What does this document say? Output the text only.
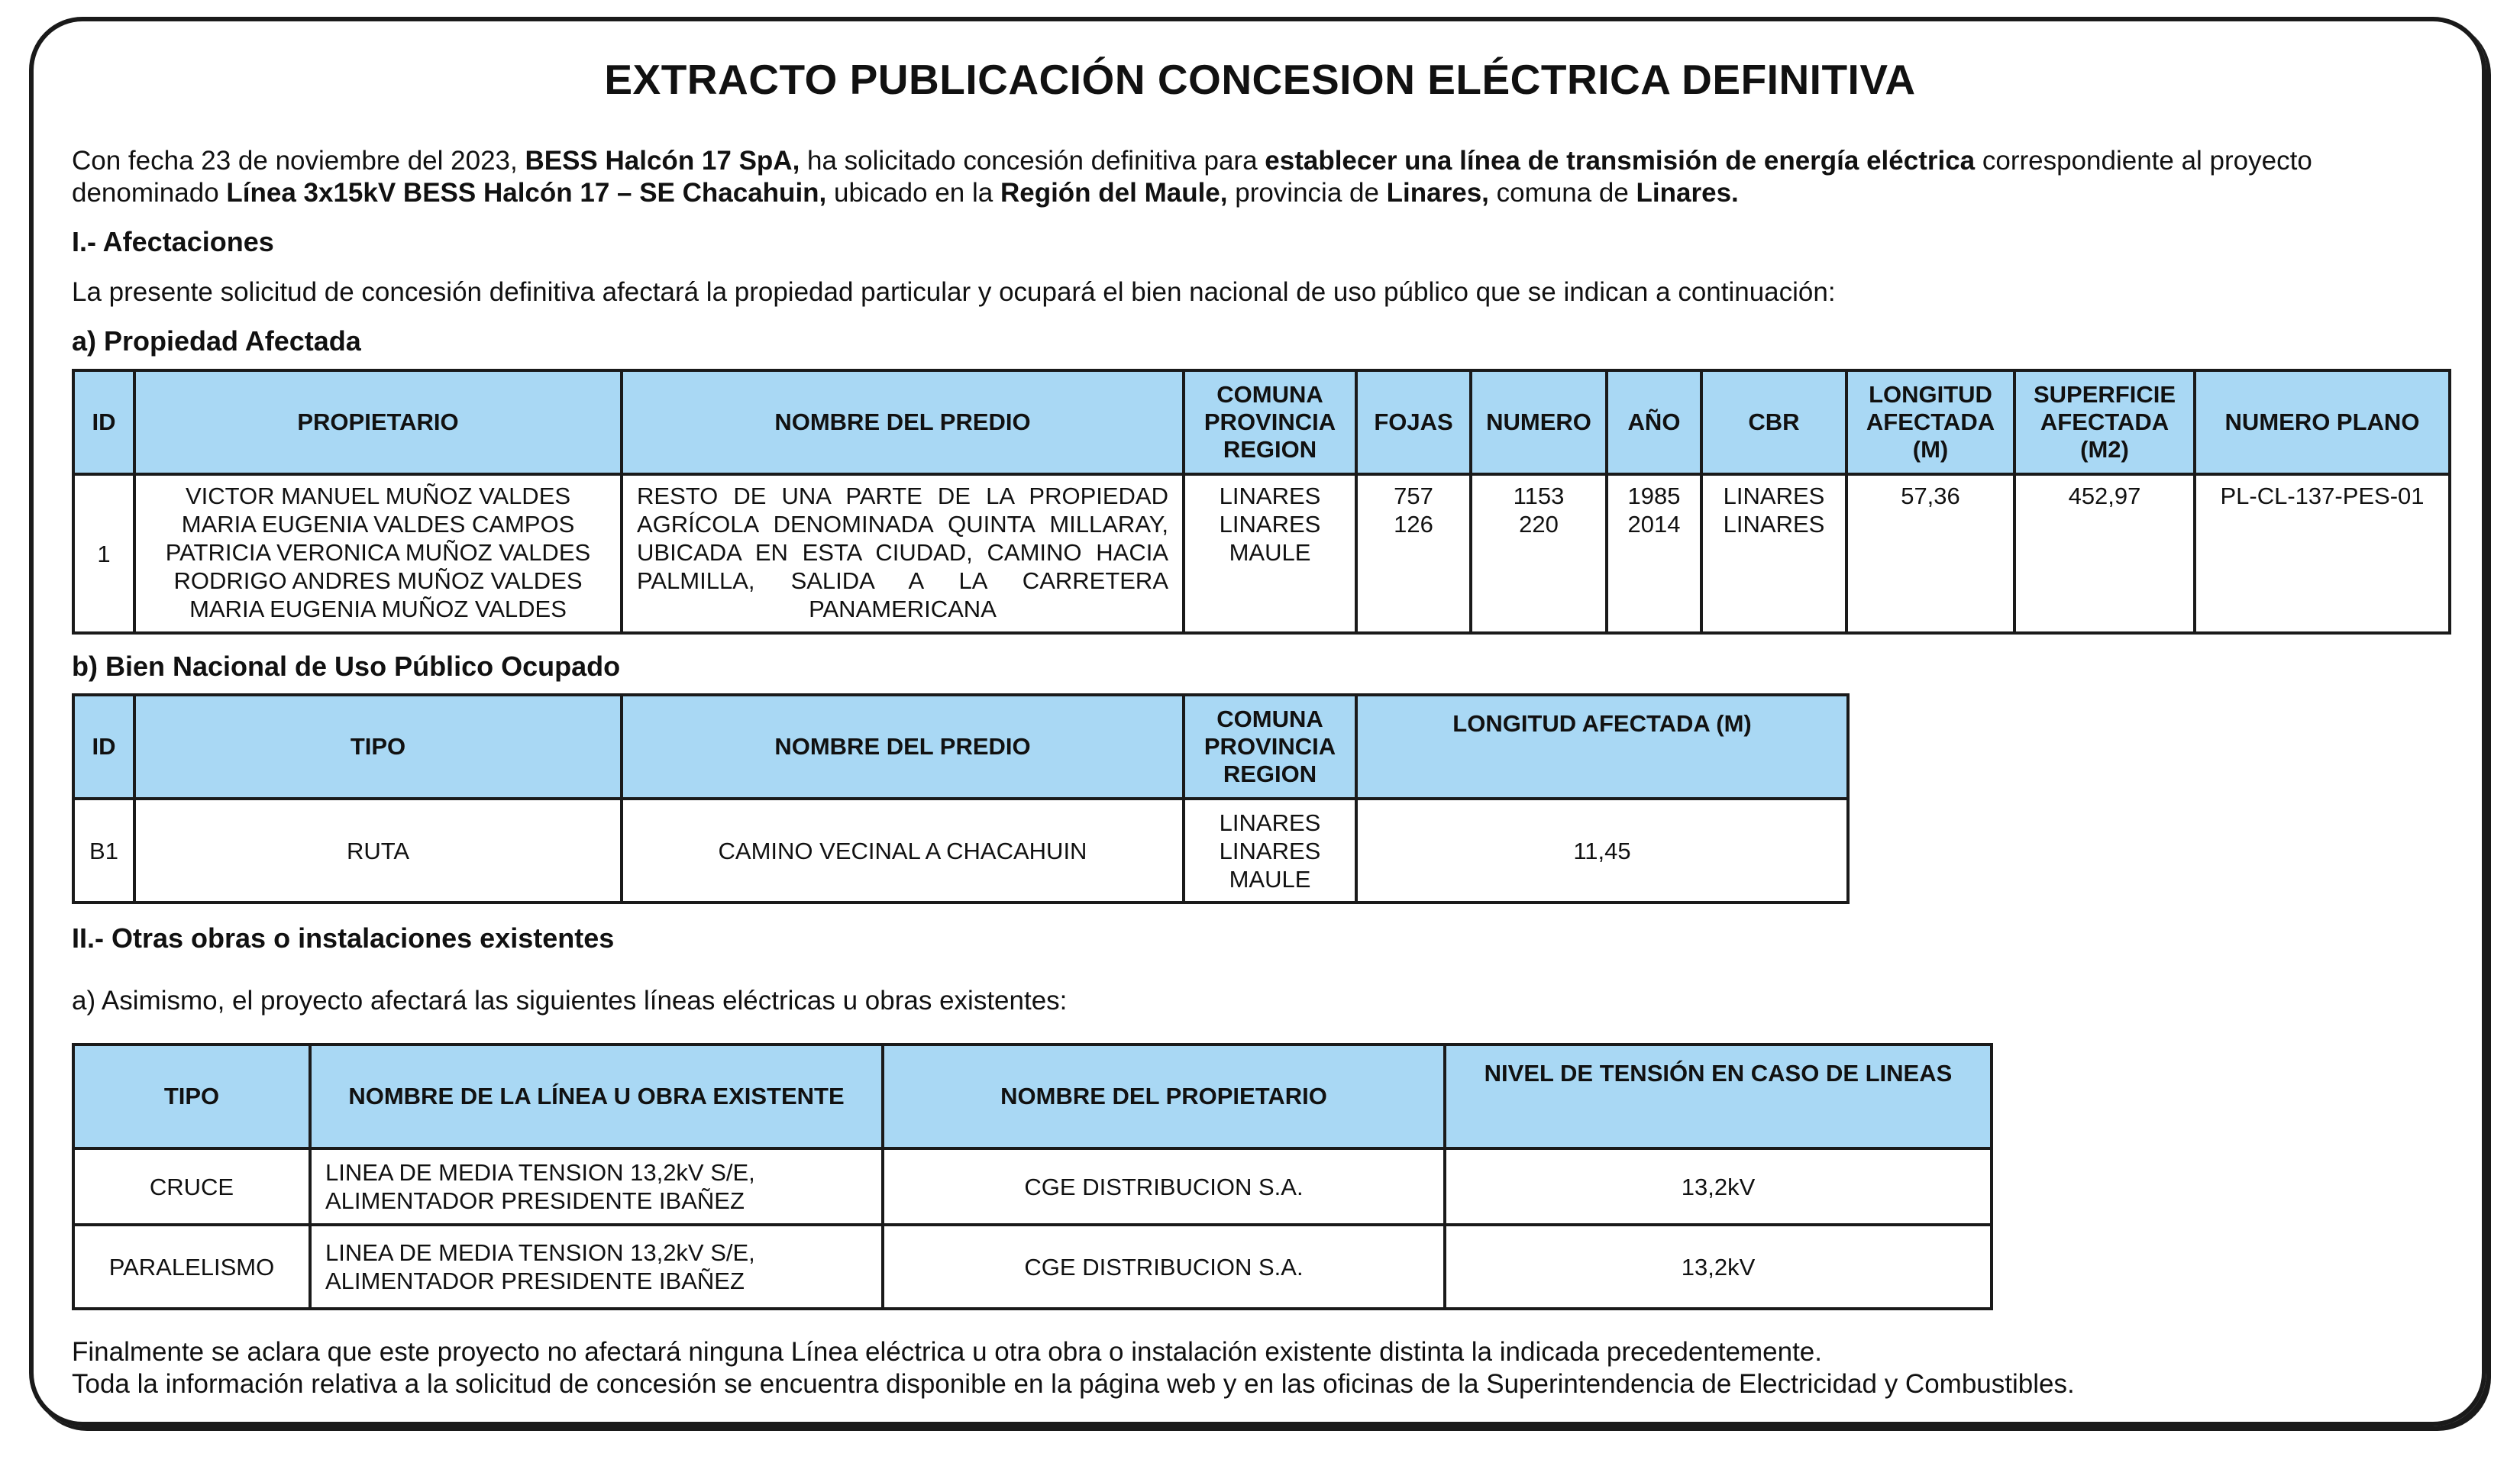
EXTRACTO PUBLICACIÓN CONCESION ELÉCTRICA DEFINITIVA
Con fecha 23 de noviembre del 2023, BESS Halcón 17 SpA, ha solicitado concesión definitiva para establecer una línea de transmisión de energía eléctrica correspondiente al proyecto
denominado Línea 3x15kV BESS Halcón 17 – SE Chacahuin, ubicado en la Región del Maule, provincia de Linares, comuna de Linares.
I.- Afectaciones
La presente solicitud de concesión definitiva afectará la propiedad particular y ocupará el bien nacional de uso público que se indican a continuación:
a) Propiedad Afectada
ID	PROPIETARIO	NOMBRE DEL PREDIO	COMUNA
PROVINCIA
REGION	FOJAS	NUMERO	AÑO	CBR	LONGITUD
AFECTADA
(M)	SUPERFICIE
AFECTADA
(M2)	NUMERO PLANO
1	VICTOR MANUEL MUÑOZ VALDES
MARIA EUGENIA VALDES CAMPOS
PATRICIA VERONICA MUÑOZ VALDES
RODRIGO ANDRES MUÑOZ VALDES
MARIA EUGENIA MUÑOZ VALDES	RESTO DE UNA PARTE DE LA PROPIEDAD AGRÍCOLA DENOMINADA QUINTA MILLARAY, UBICADA EN ESTA CIUDAD, CAMINO HACIA PALMILLA, SALIDA A LA CARRETERA PANAMERICANA	LINARES
LINARES
MAULE	757
126	1153
220	1985
2014	LINARES
LINARES	57,36	452,97	PL-CL-137-PES-01
b) Bien Nacional de Uso Público Ocupado
ID	TIPO	NOMBRE DEL PREDIO	COMUNA
PROVINCIA
REGION	LONGITUD AFECTADA (M)
B1	RUTA	CAMINO VECINAL A CHACAHUIN	LINARES
LINARES
MAULE	11,45
II.- Otras obras o instalaciones existentes
a) Asimismo, el proyecto afectará las siguientes líneas eléctricas u obras existentes:
TIPO	NOMBRE DE LA LÍNEA U OBRA EXISTENTE	NOMBRE DEL PROPIETARIO	NIVEL DE TENSIÓN EN CASO DE LINEAS
CRUCE	LINEA DE MEDIA TENSION 13,2kV S/E,
ALIMENTADOR PRESIDENTE IBAÑEZ	CGE DISTRIBUCION S.A.	13,2kV
PARALELISMO	LINEA DE MEDIA TENSION 13,2kV S/E,
ALIMENTADOR PRESIDENTE IBAÑEZ	CGE DISTRIBUCION S.A.	13,2kV
Finalmente se aclara que este proyecto no afectará ninguna Línea eléctrica u otra obra o instalación existente distinta la indicada precedentemente.
Toda la información relativa a la solicitud de concesión se encuentra disponible en la página web y en las oficinas de la Superintendencia de Electricidad y Combustibles.
